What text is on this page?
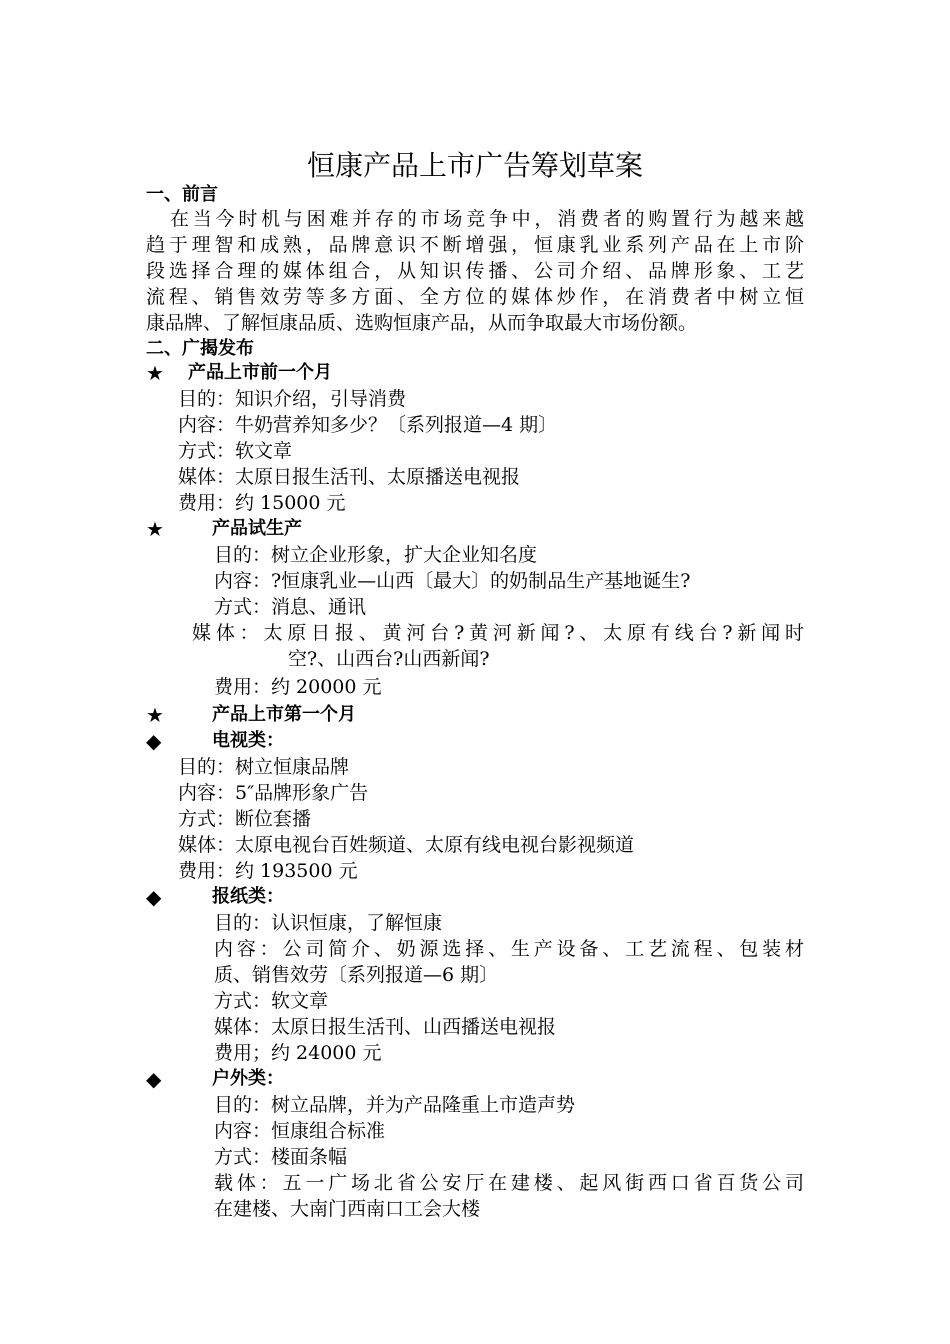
恒康产品上市广告筹划草案
一、前言
在当今时机与困难并存的市场竞争中，消费者的购置行为越来越
趋于理智和成熟，品牌意识不断增强，恒康乳业系列产品在上市阶
段选择合理的媒体组合，从知识传播、公司介绍、品牌形象、工艺
流程、销售效劳等多方面、全方位的媒体炒作，在消费者中树立恒
康品牌、了解恒康品质、选购恒康产品，从而争取最大市场份额。
二、广揭发布
★ 产品上市前一个月
目的：知识介绍，引导消费
内容：牛奶营养知多少？〔系列报道—4 期〕
方式：软文章
媒体：太原日报生活刊、太原播送电视报
费用：约 15000 元
★	产品试生产
目的：树立企业形象，扩大企业知名度
内容：?恒康乳业—山西〔最大〕的奶制品生产基地诞生?
方式：消息、通讯
媒体：太原日报、黄河台?黄河新闻?、太原有线台?新闻时
空?、山西台?山西新闻?
费用：约 20000 元
★	产品上市第一个月
◆	电视类：
目的：树立恒康品牌
内容：5″品牌形象广告
方式：断位套播
媒体：太原电视台百姓频道、太原有线电视台影视频道
费用：约 193500 元
◆	报纸类：
目的：认识恒康，了解恒康
内容：公司简介、奶源选择、生产设备、工艺流程、包装材
质、销售效劳〔系列报道—6 期〕
方式：软文章
媒体：太原日报生活刊、山西播送电视报
费用；约 24000 元
◆	户外类：
目的：树立品牌，并为产品隆重上市造声势
内容：恒康组合标准
方式：楼面条幅
载体：五一广场北省公安厅在建楼、起风街西口省百货公司
在建楼、大南门西南口工会大楼
